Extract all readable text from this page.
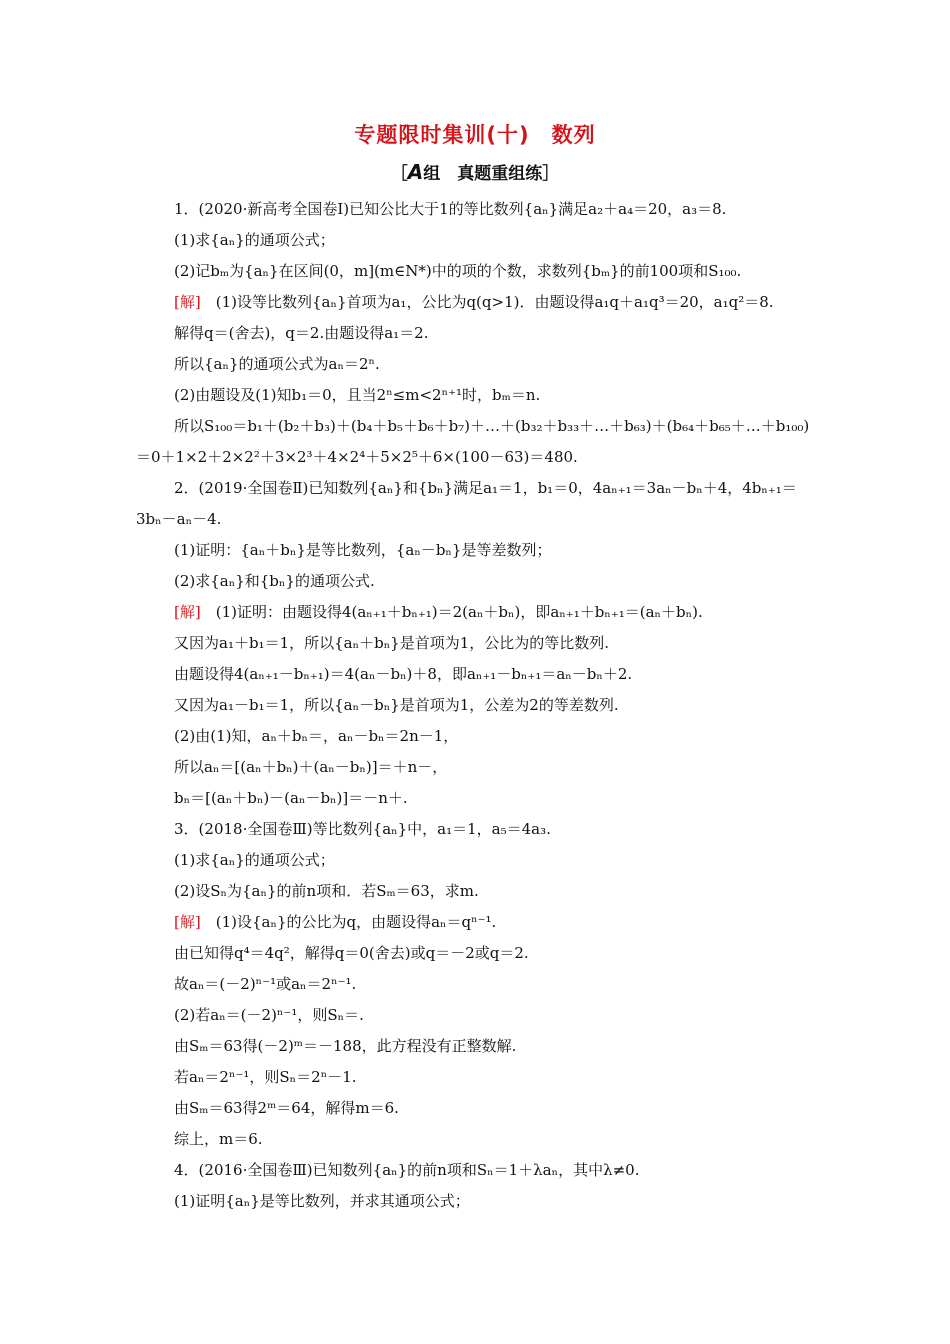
专题限时集训(十)　数列
［A组　真题重组练］
1．(2020·新高考全国卷Ⅰ)已知公比大于1的等比数列{aₙ}满足a₂＋a₄＝20，a₃＝8.
(1)求{aₙ}的通项公式；
(2)记bₘ为{aₙ}在区间(0，m](m∈N*)中的项的个数，求数列{bₘ}的前100项和S₁₀₀.
[解]　(1)设等比数列{aₙ}首项为a₁，公比为q(q>1)．由题设得a₁q＋a₁q³＝20，a₁q²＝8.
解得q＝(舍去)，q＝2.由题设得a₁＝2.
所以{aₙ}的通项公式为aₙ＝2ⁿ.
(2)由题设及(1)知b₁＝0，且当2ⁿ≤m<2ⁿ⁺¹时，bₘ＝n.
所以S₁₀₀＝b₁＋(b₂＋b₃)＋(b₄＋b₅＋b₆＋b₇)＋…＋(b₃₂＋b₃₃＋…＋b₆₃)＋(b₆₄＋b₆₅＋…＋b₁₀₀)
＝0＋1×2＋2×2²＋3×2³＋4×2⁴＋5×2⁵＋6×(100－63)＝480.
2．(2019·全国卷Ⅱ)已知数列{aₙ}和{bₙ}满足a₁＝1，b₁＝0，4aₙ₊₁＝3aₙ－bₙ＋4，4bₙ₊₁＝
3bₙ－aₙ－4.
(1)证明：{aₙ＋bₙ}是等比数列，{aₙ－bₙ}是等差数列；
(2)求{aₙ}和{bₙ}的通项公式.
[解]　(1)证明：由题设得4(aₙ₊₁＋bₙ₊₁)＝2(aₙ＋bₙ)，即aₙ₊₁＋bₙ₊₁＝(aₙ＋bₙ).
又因为a₁＋b₁＝1，所以{aₙ＋bₙ}是首项为1，公比为的等比数列.
由题设得4(aₙ₊₁－bₙ₊₁)＝4(aₙ－bₙ)＋8，即aₙ₊₁－bₙ₊₁＝aₙ－bₙ＋2.
又因为a₁－b₁＝1，所以{aₙ－bₙ}是首项为1，公差为2的等差数列.
(2)由(1)知，aₙ＋bₙ＝，aₙ－bₙ＝2n－1，
所以aₙ＝[(aₙ＋bₙ)＋(aₙ－bₙ)]＝＋n－，
bₙ＝[(aₙ＋bₙ)－(aₙ－bₙ)]＝－n＋.
3．(2018·全国卷Ⅲ)等比数列{aₙ}中，a₁＝1，a₅＝4a₃.
(1)求{aₙ}的通项公式；
(2)设Sₙ为{aₙ}的前n项和．若Sₘ＝63，求m.
[解]　(1)设{aₙ}的公比为q，由题设得aₙ＝qⁿ⁻¹.
由已知得q⁴＝4q²，解得q＝0(舍去)或q＝－2或q＝2.
故aₙ＝(－2)ⁿ⁻¹或aₙ＝2ⁿ⁻¹.
(2)若aₙ＝(－2)ⁿ⁻¹，则Sₙ＝.
由Sₘ＝63得(－2)ᵐ＝－188，此方程没有正整数解.
若aₙ＝2ⁿ⁻¹，则Sₙ＝2ⁿ－1.
由Sₘ＝63得2ᵐ＝64，解得m＝6.
综上，m＝6.
4．(2016·全国卷Ⅲ)已知数列{aₙ}的前n项和Sₙ＝1＋λaₙ，其中λ≠0.
(1)证明{aₙ}是等比数列，并求其通项公式；
